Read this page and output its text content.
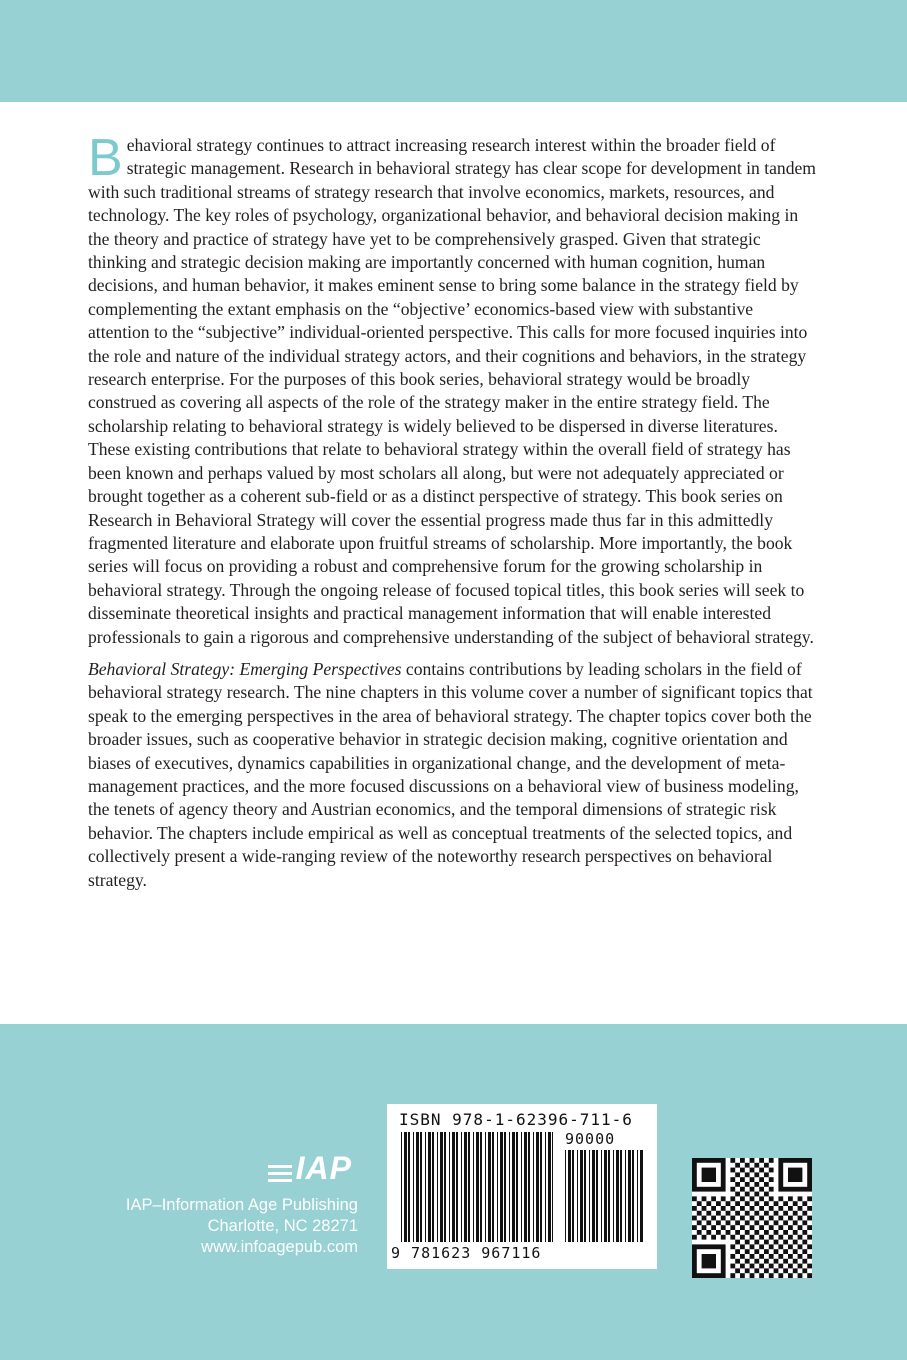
Behavioral strategy continues to attract increasing research interest within the broader field of strategic management. Research in behavioral strategy has clear scope for development in tandem with such traditional streams of strategy research that involve economics, markets, resources, and technology. The key roles of psychology, organizational behavior, and behavioral decision making in the theory and practice of strategy have yet to be comprehensively grasped. Given that strategic thinking and strategic decision making are importantly concerned with human cognition, human decisions, and human behavior, it makes eminent sense to bring some balance in the strategy field by complementing the extant emphasis on the “objective’ economics-based view with substantive attention to the “subjective” individual-oriented perspective. This calls for more focused inquiries into the role and nature of the individual strategy actors, and their cognitions and behaviors, in the strategy research enterprise. For the purposes of this book series, behavioral strategy would be broadly construed as covering all aspects of the role of the strategy maker in the entire strategy field. The scholarship relating to behavioral strategy is widely believed to be dispersed in diverse literatures. These existing contributions that relate to behavioral strategy within the overall field of strategy has been known and perhaps valued by most scholars all along, but were not adequately appreciated or brought together as a coherent sub-field or as a distinct perspective of strategy. This book series on Research in Behavioral Strategy will cover the essential progress made thus far in this admittedly fragmented literature and elaborate upon fruitful streams of scholarship. More importantly, the book series will focus on providing a robust and comprehensive forum for the growing scholarship in behavioral strategy. Through the ongoing release of focused topical titles, this book series will seek to disseminate theoretical insights and practical management information that will enable interested professionals to gain a rigorous and comprehensive understanding of the subject of behavioral strategy.

Behavioral Strategy: Emerging Perspectives contains contributions by leading scholars in the field of behavioral strategy research. The nine chapters in this volume cover a number of significant topics that speak to the emerging perspectives in the area of behavioral strategy. The chapter topics cover both the broader issues, such as cooperative behavior in strategic decision making, cognitive orientation and biases of executives, dynamics capabilities in organizational change, and the development of meta-management practices, and the more focused discussions on a behavioral view of business modeling, the tenets of agency theory and Austrian economics, and the temporal dimensions of strategic risk behavior. The chapters include empirical as well as conceptual treatments of the selected topics, and collectively present a wide-ranging review of the noteworthy research perspectives on behavioral strategy.

IAP
IAP–Information Age Publishing
Charlotte, NC 28271
www.infoagepub.com
ISBN 978-1-62396-711-6
90000
9 781623 967116
